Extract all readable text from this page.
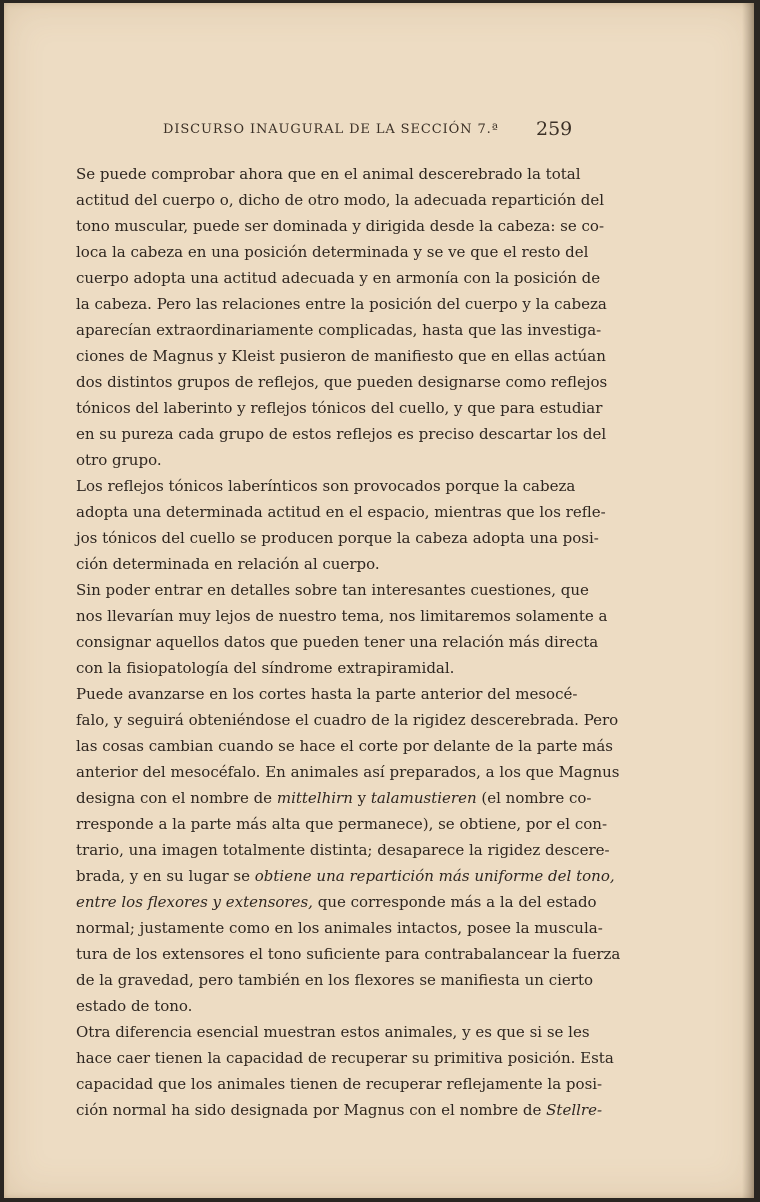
DISCURSO INAUGURAL DE LA SECCIÓN 7.ª 259

Se puede comprobar ahora que en el animal descerebrado la total
actitud del cuerpo o, dicho de otro modo, la adecuada repartición del
tono muscular, puede ser dominada y dirigida desde la cabeza: se co-
loca la cabeza en una posición determinada y se ve que el resto del
cuerpo adopta una actitud adecuada y en armonía con la posición de
la cabeza. Pero las relaciones entre la posición del cuerpo y la cabeza
aparecían extraordinariamente complicadas, hasta que las investiga-
ciones de Magnus y Kleist pusieron de manifiesto que en ellas actúan
dos distintos grupos de reflejos, que pueden designarse como reflejos
tónicos del laberinto y reflejos tónicos del cuello, y que para estudiar
en su pureza cada grupo de estos reflejos es preciso descartar los del
otro grupo.

Los reflejos tónicos laberínticos son provocados porque la cabeza
adopta una determinada actitud en el espacio, mientras que los refle-
jos tónicos del cuello se producen porque la cabeza adopta una posi-
ción determinada en relación al cuerpo.

Sin poder entrar en detalles sobre tan interesantes cuestiones, que
nos llevarían muy lejos de nuestro tema, nos limitaremos solamente a
consignar aquellos datos que pueden tener una relación más directa
con la fisiopatología del síndrome extrapiramidal.

Puede avanzarse en los cortes hasta la parte anterior del mesocé-
falo, y seguirá obteniéndose el cuadro de la rigidez descerebrada. Pero
las cosas cambian cuando se hace el corte por delante de la parte más
anterior del mesocéfalo. En animales así preparados, a los que Magnus
designa con el nombre de mittelhirn y talamustieren (el nombre co-
rresponde a la parte más alta que permanece), se obtiene, por el con-
trario, una imagen totalmente distinta; desaparece la rigidez descere-
brada, y en su lugar se obtiene una repartición más uniforme del tono,
entre los flexores y extensores, que corresponde más a la del estado
normal; justamente como en los animales intactos, posee la muscula-
tura de los extensores el tono suficiente para contrabalancear la fuerza
de la gravedad, pero también en los flexores se manifiesta un cierto
estado de tono.

Otra diferencia esencial muestran estos animales, y es que si se les
hace caer tienen la capacidad de recuperar su primitiva posición. Esta
capacidad que los animales tienen de recuperar reflejamente la posi-
ción normal ha sido designada por Magnus con el nombre de Stellre-
